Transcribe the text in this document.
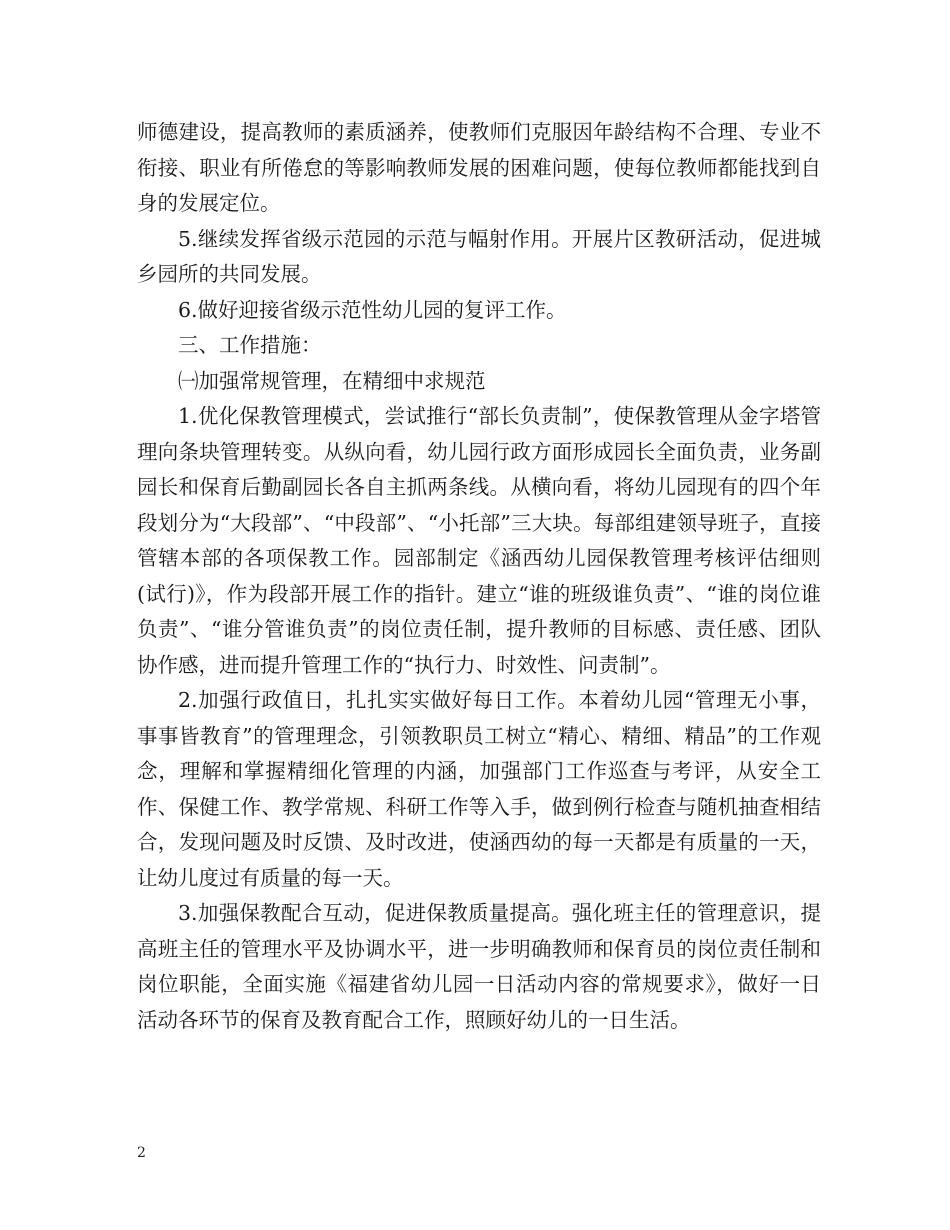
师德建设，提高教师的素质涵养，使教师们克服因年龄结构不合理、专业不衔接、职业有所倦怠的等影响教师发展的困难问题，使每位教师都能找到自身的发展定位。

5.继续发挥省级示范园的示范与幅射作用。开展片区教研活动，促进城乡园所的共同发展。

6.做好迎接省级示范性幼儿园的复评工作。

三、工作措施：

㈠加强常规管理，在精细中求规范

1.优化保教管理模式，尝试推行“部长负责制”，使保教管理从金字塔管理向条块管理转变。从纵向看，幼儿园行政方面形成园长全面负责，业务副园长和保育后勤副园长各自主抓两条线。从横向看，将幼儿园现有的四个年段划分为“大段部”、“中段部”、“小托部”三大块。每部组建领导班子，直接管辖本部的各项保教工作。园部制定《涵西幼儿园保教管理考核评估细则(试行)》，作为段部开展工作的指针。建立“谁的班级谁负责”、“谁的岗位谁负责”、“谁分管谁负责”的岗位责任制，提升教师的目标感、责任感、团队协作感，进而提升管理工作的“执行力、时效性、问责制”。

2.加强行政值日，扎扎实实做好每日工作。本着幼儿园“管理无小事，事事皆教育”的管理理念，引领教职员工树立“精心、精细、精品”的工作观念，理解和掌握精细化管理的内涵，加强部门工作巡查与考评，从安全工作、保健工作、教学常规、科研工作等入手，做到例行检查与随机抽查相结合，发现问题及时反馈、及时改进，使涵西幼的每一天都是有质量的一天，让幼儿度过有质量的每一天。

3.加强保教配合互动，促进保教质量提高。强化班主任的管理意识，提高班主任的管理水平及协调水平，进一步明确教师和保育员的岗位责任制和岗位职能，全面实施《福建省幼儿园一日活动内容的常规要求》，做好一日活动各环节的保育及教育配合工作，照顾好幼儿的一日生活。

2
